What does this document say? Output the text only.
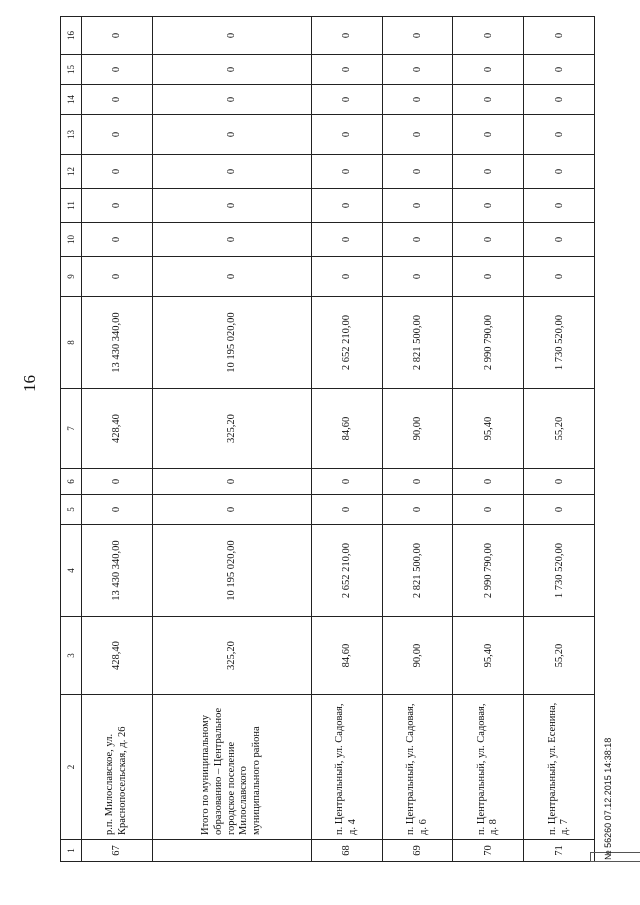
16
1	2	3	4	5	6	7	8	9	10	11	12	13	14	15	16
67	р.п. Милославское, ул. Краснопосельская, д. 26	428,40	13 430 340,00	0	0	428,40	13 430 340,00	0	0	0	0	0	0	0	0
	Итого по муниципальному образованию – Центральное городское поселение Милославского муниципального района	325,20	10 195 020,00	0	0	325,20	10 195 020,00	0	0	0	0	0	0	0	0
68	п. Центральный, ул. Садовая, д. 4	84,60	2 652 210,00	0	0	84,60	2 652 210,00	0	0	0	0	0	0	0	0
69	п. Центральный, ул. Садовая, д. 6	90,00	2 821 500,00	0	0	90,00	2 821 500,00	0	0	0	0	0	0	0	0
70	п. Центральный, ул. Садовая, д. 8	95,40	2 990 790,00	0	0	95,40	2 990 790,00	0	0	0	0	0	0	0	0
71	п. Центральный, ул. Есенина, д. 7	55,20	1 730 520,00	0	0	55,20	1 730 520,00	0	0	0	0	0	0	0	0
№ 56260 07.12.2015 14:38:18
